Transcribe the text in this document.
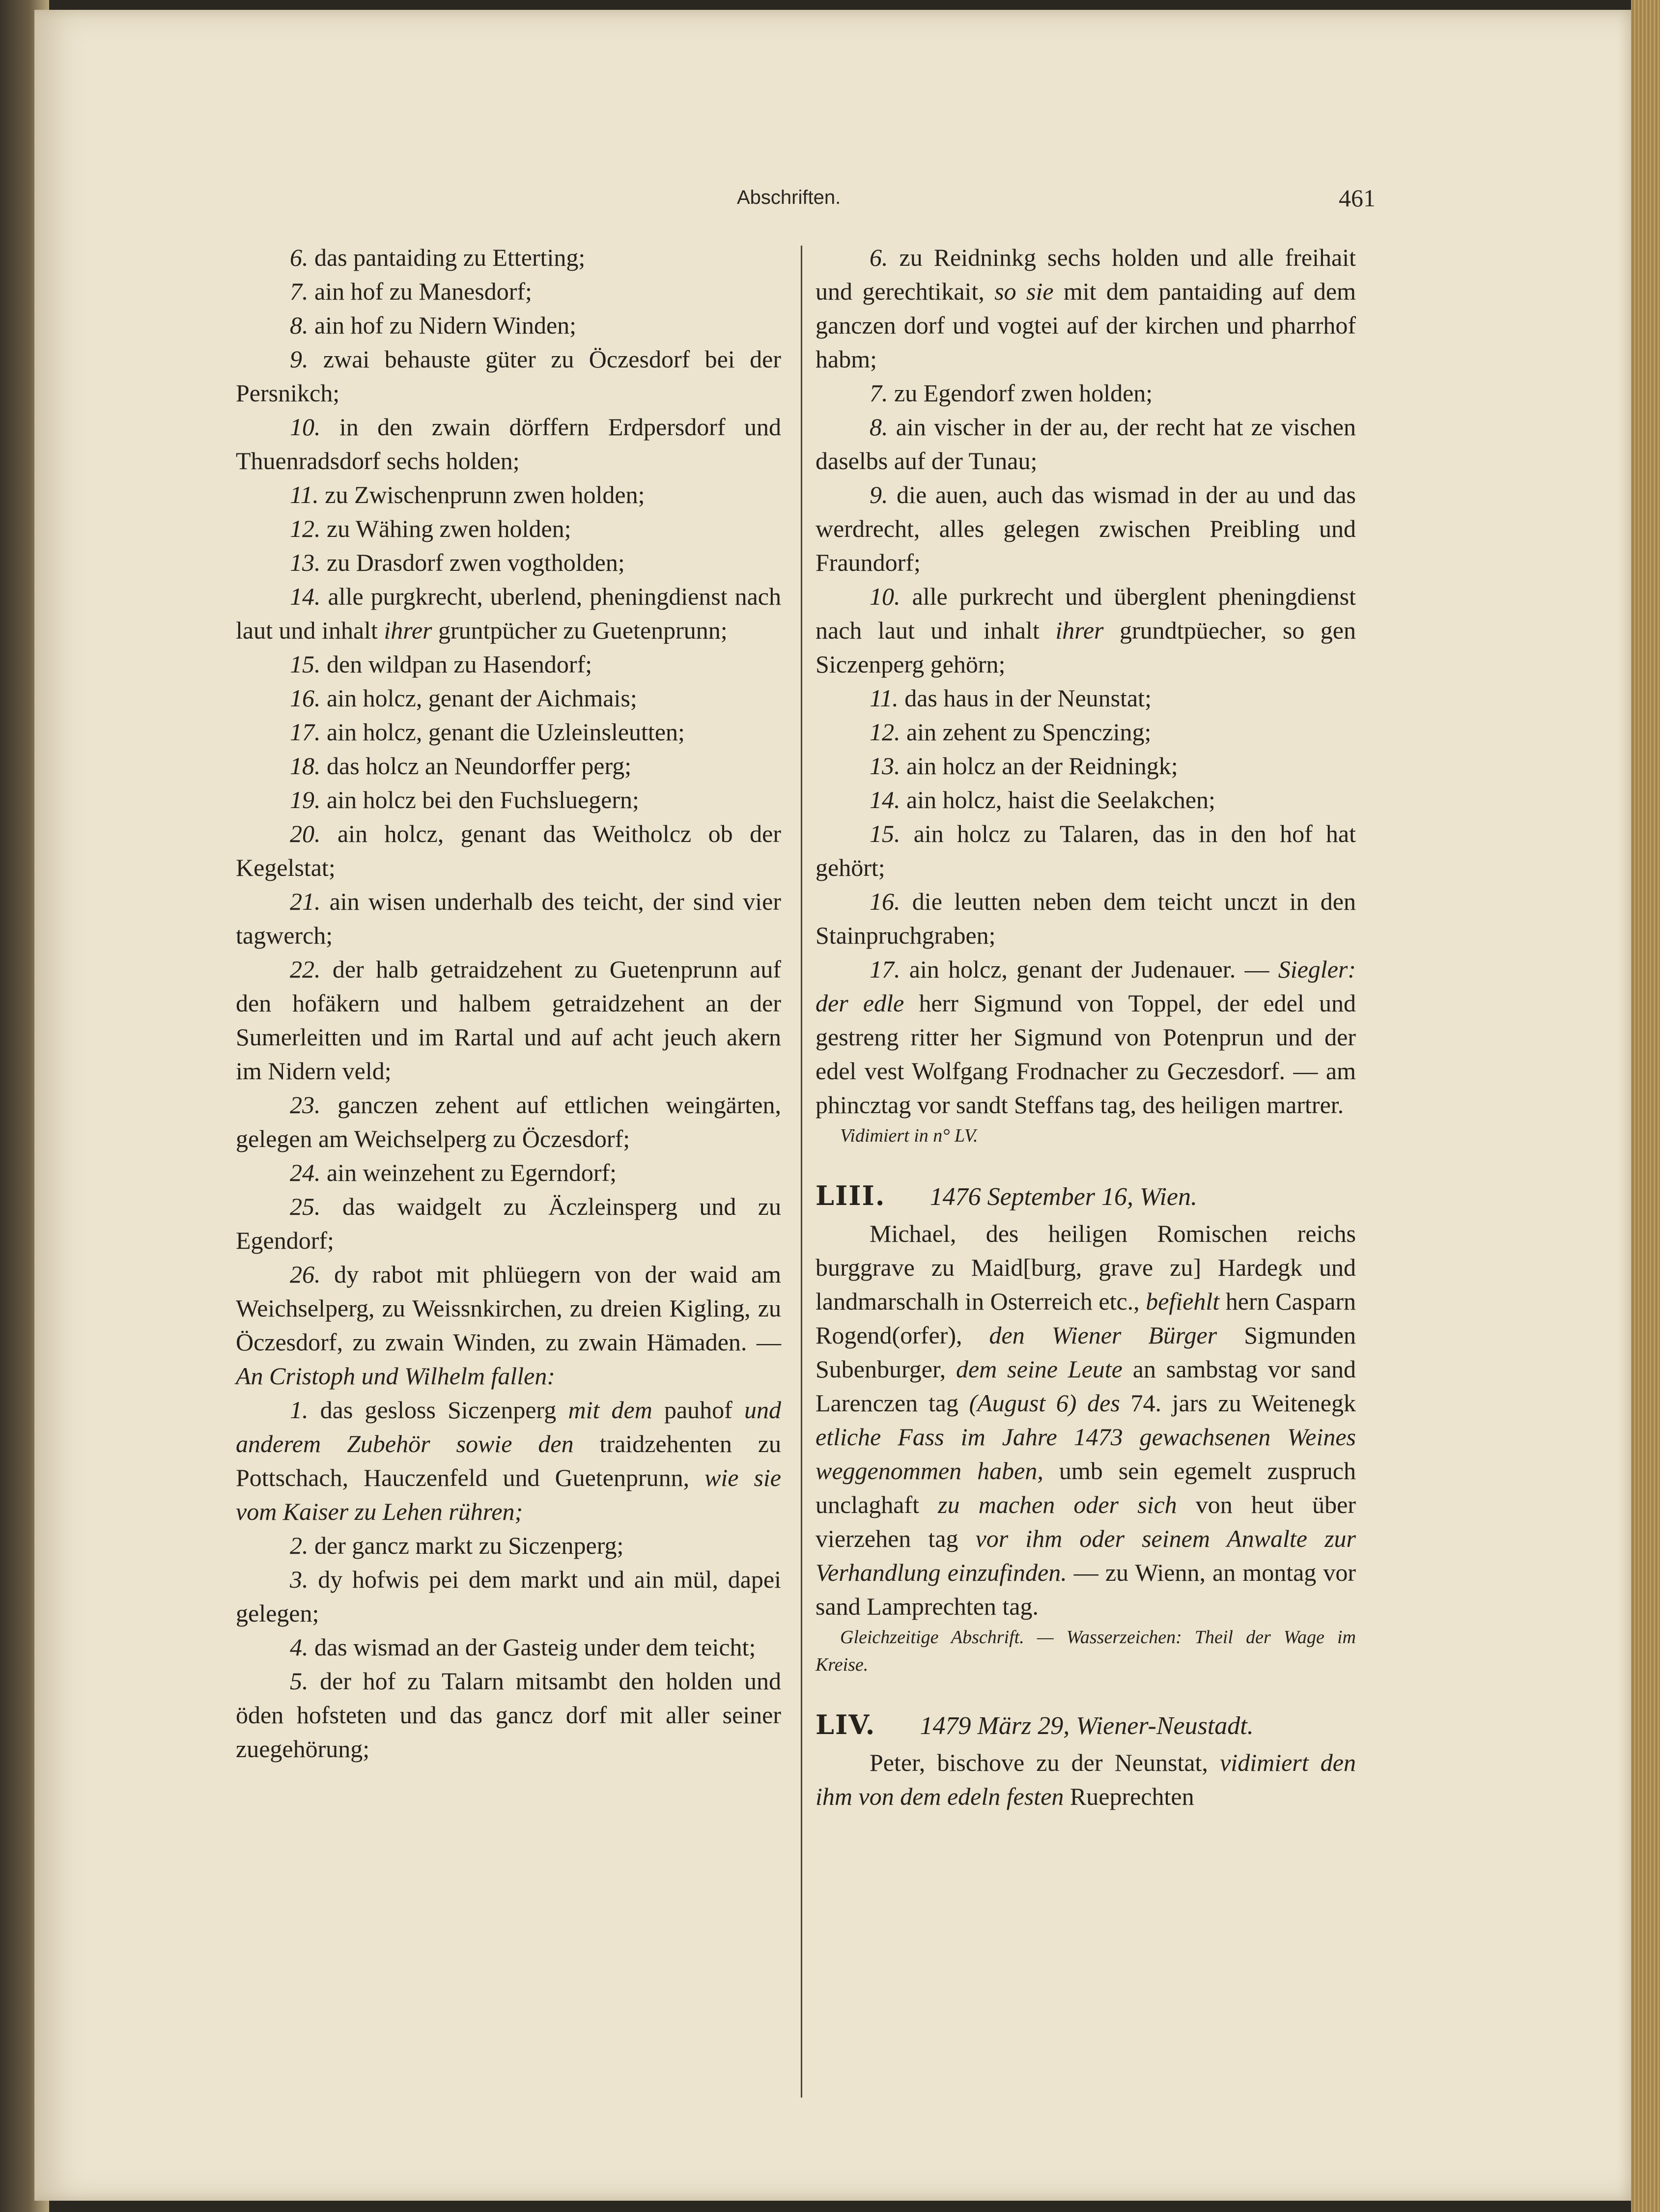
Abschriften.	461

6. das pantaiding zu Etterting;

7. ain hof zu Manesdorf;

8. ain hof zu Nidern Winden;

9. zwai behauste güter zu Öczesdorf bei der Persnikch;

10. in den zwain dörffern Erdpersdorf und Thuenradsdorf sechs holden;

11. zu Zwischenprunn zwen holden;

12. zu Wähing zwen holden;

13. zu Drasdorf zwen vogtholden;

14. alle purgkrecht, uberlend, pheningdienst nach laut und inhalt ihrer gruntpücher zu Guetenprunn;

15. den wildpan zu Hasendorf;

16. ain holcz, genant der Aichmais;

17. ain holcz, genant die Uzleinsleutten;

18. das holcz an Neundorffer perg;

19. ain holcz bei den Fuchsluegern;

20. ain holcz, genant das Weitholcz ob der Kegelstat;

21. ain wisen underhalb des teicht, der sind vier tagwerch;

22. der halb getraidzehent zu Guetenprunn auf den hofäkern und halbem getraidzehent an der Sumerleitten und im Rartal und auf acht jeuch akern im Nidern veld;

23. ganczen zehent auf ettlichen weingärten, gelegen am Weichselperg zu Öczesdorf;

24. ain weinzehent zu Egerndorf;

25. das waidgelt zu Äczleinsperg und zu Egendorf;

26. dy rabot mit phlüegern von der waid am Weichselperg, zu Weissnkirchen, zu dreien Kigling, zu Öczesdorf, zu zwain Winden, zu zwain Hämaden. — An Cristoph und Wilhelm fallen:

1. das gesloss Siczenperg mit dem pauhof und anderem Zubehör sowie den traidzehenten zu Pottschach, Hauczenfeld und Guetenprunn, wie sie vom Kaiser zu Lehen rühren;

2. der gancz markt zu Siczenperg;

3. dy hofwis pei dem markt und ain mül, dapei gelegen;

4. das wismad an der Gasteig under dem teicht;

5. der hof zu Talarn mitsambt den holden und öden hofsteten und das gancz dorf mit aller seiner zuegehörung;

6. zu Reidninkg sechs holden und alle freihait und gerechtikait, so sie mit dem pantaiding auf dem ganczen dorf und vogtei auf der kirchen und pharrhof habm;

7. zu Egendorf zwen holden;

8. ain vischer in der au, der recht hat ze vischen daselbs auf der Tunau;

9. die auen, auch das wismad in der au und das werdrecht, alles gelegen zwischen Preibling und Fraundorf;

10. alle purkrecht und überglent pheningdienst nach laut und inhalt ihrer grundtpüecher, so gen Siczenperg gehörn;

11. das haus in der Neunstat;

12. ain zehent zu Spenczing;

13. ain holcz an der Reidningk;

14. ain holcz, haist die Seelakchen;

15. ain holcz zu Talaren, das in den hof hat gehört;

16. die leutten neben dem teicht unczt in den Stainpruchgraben;

17. ain holcz, genant der Judenauer. — Siegler: der edle herr Sigmund von Toppel, der edel und gestreng ritter her Sigmund von Potenprun und der edel vest Wolfgang Frodnacher zu Geczesdorf. — am phincztag vor sandt Steffans tag, des heiligen martrer.

Vidimiert in n° LV.

LIII. 1476 September 16, Wien.

Michael, des heiligen Romischen reichs burggrave zu Maid[burg, grave zu] Hardegk und landmarschalh in Osterreich etc., befiehlt hern Casparn Rogend(orfer), den Wiener Bürger Sigmunden Subenburger, dem seine Leute an sambstag vor sand Larenczen tag (August 6) des 74. jars zu Weitenegk etliche Fass im Jahre 1473 gewachsenen Weines weggenommen haben, umb sein egemelt zuspruch unclaghaft zu machen oder sich von heut über vierzehen tag vor ihm oder seinem Anwalte zur Verhandlung einzufinden. — zu Wienn, an montag vor sand Lamprechten tag.

Gleichzeitige Abschrift. — Wasserzeichen: Theil der Wage im Kreise.

LIV. 1479 März 29, Wiener-Neustadt.

Peter, bischove zu der Neunstat, vidimiert den ihm von dem edeln festen Rueprechten
